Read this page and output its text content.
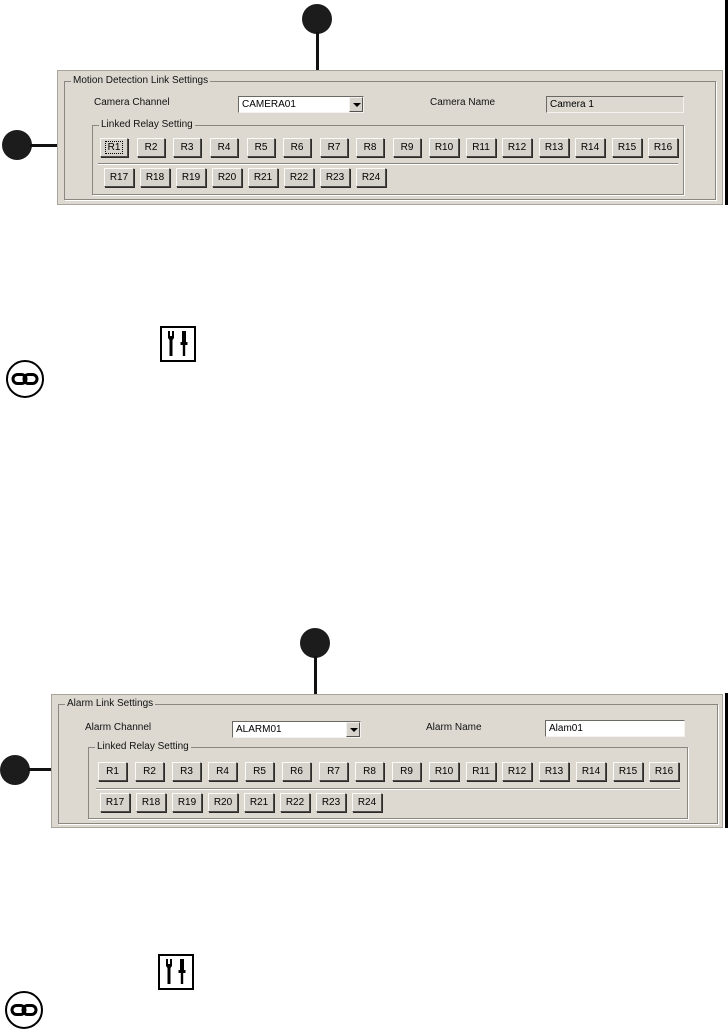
Motion Detection Link Settings
Camera Channel	CAMERA01	Camera Name	Camera 1
Linked Relay Setting
R1	R2	R3	R4	R5	R6	R7	R8	R9	R10	R11	R12	R13	R14	R15	R16
R17	R18	R19	R20	R21	R22	R23	R24
Alarm Link Settings
Alarm Channel	ALARM01	Alarm Name	Alam01
Linked Relay Setting
R1	R2	R3	R4	R5	R6	R7	R8	R9	R10	R11	R12	R13	R14	R15	R16
R17	R18	R19	R20	R21	R22	R23	R24
